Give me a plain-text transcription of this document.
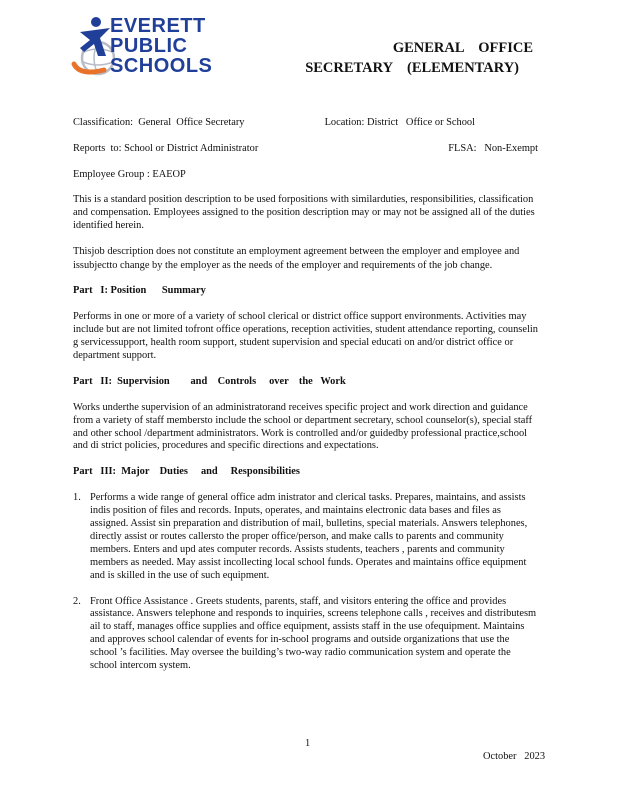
EVERETT
PUBLIC
SCHOOLS
GENERAL    OFFICE
SECRETARY    (ELEMENTARY)
Classification:  General  Office Secretary	Location: District   Office or School
Reports  to: School or District Administrator	FLSA:   Non-Exempt
Employee Group : EAEOP

This is a standard position description to be used forpositions with similarduties, responsibilities, classification and compensation. Employees assigned to the position description may or may not be assigned all of the duties identified herein.

Thisjob description does not constitute an employment agreement between the employer and employee and issubjectto change by the employer as the needs of the employer and requirements of the job change.

Part   I: Position      Summary

Performs in one or more of a variety of school clerical or district office support environments. Activities may include but are not limited tofront office operations, reception activities, student attendance reporting, counselin g servicessupport, health room support, student supervision and special educati on and/or district office or department support.

Part   II:  Supervision        and    Controls     over    the   Work

Works underthe supervision of an administratorand receives specific project and work direction and guidance from a variety of staff membersto include the school or department secretary, school counselor(s), special staff and other school /department administrators. Work is controlled and/or guidedby professional practice,school and di strict policies, procedures and specific directions and expectations.

Part   III:  Major    Duties     and     Responsibilities
1. Performs a wide range of general office adm inistrator and clerical tasks. Prepares, maintains, and assists indis position of files and records. Inputs, operates, and maintains electronic data bases and files as assigned. Assist sin preparation and distribution of mail, bulletins, special materials. Answers telephones, directly assist or routes callersto the proper office/person, and make calls to parents and community members. Enters and upd ates computer records. Assists students, teachers , parents and community members as needed. May assist incollecting local school funds. Operates and maintains office equipment and is skilled in the use of such equipment.
2. Front Office Assistance . Greets students, parents, staff, and visitors entering the office and provides assistance. Answers telephone and responds to inquiries, screens telephone calls , receives and distributesm ail to staff, manages office supplies and office equipment, assists staff in the use ofequipment. Maintains and approves school calendar of events for in-school programs and outside organizations that use the school ’s facilities. May oversee the building’s two-way radio communication system and operate the school intercom system.
1
October   2023
